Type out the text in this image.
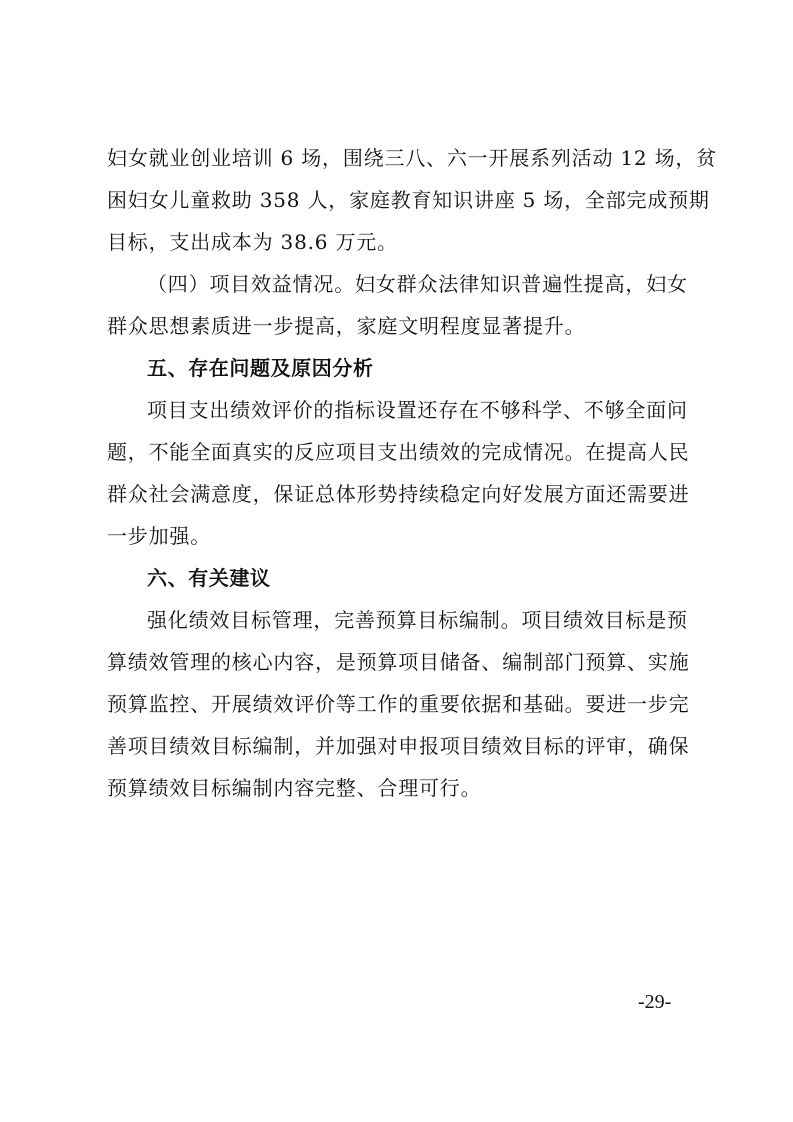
妇女就业创业培训 6 场，围绕三八、六一开展系列活动 12 场，贫
困妇女儿童救助 358 人，家庭教育知识讲座 5 场，全部完成预期
目标，支出成本为 38.6 万元。
（四）项目效益情况。妇女群众法律知识普遍性提高，妇女
群众思想素质进一步提高，家庭文明程度显著提升。
五、存在问题及原因分析
项目支出绩效评价的指标设置还存在不够科学、不够全面问
题，不能全面真实的反应项目支出绩效的完成情况。在提高人民
群众社会满意度，保证总体形势持续稳定向好发展方面还需要进
一步加强。
六、有关建议
强化绩效目标管理，完善预算目标编制。项目绩效目标是预
算绩效管理的核心内容，是预算项目储备、编制部门预算、实施
预算监控、开展绩效评价等工作的重要依据和基础。要进一步完
善项目绩效目标编制，并加强对申报项目绩效目标的评审，确保
预算绩效目标编制内容完整、合理可行。
-29-
